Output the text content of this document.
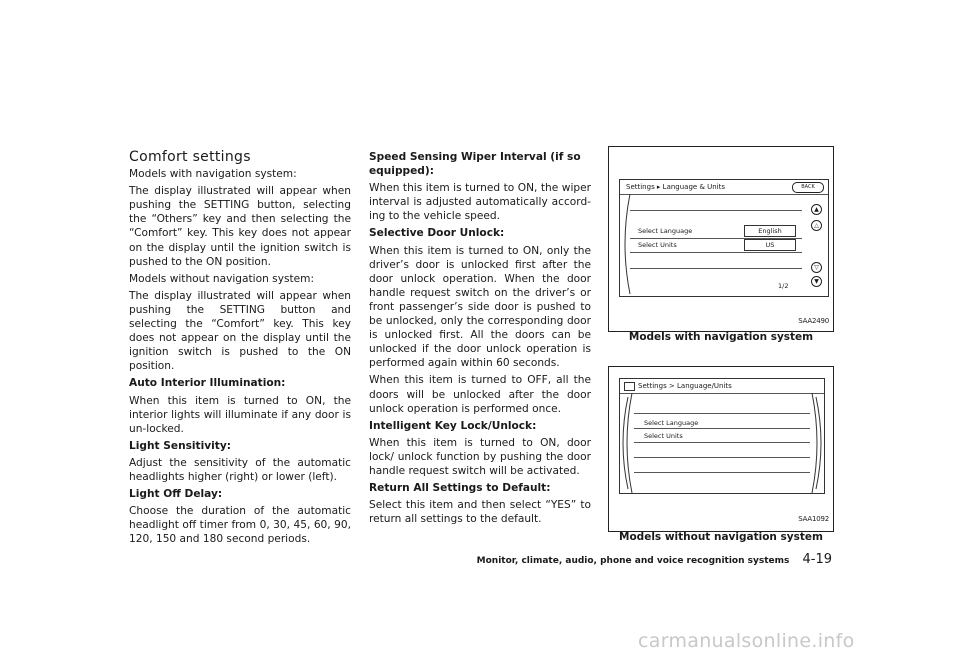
Comfort settings

Models with navigation system:

The display illustrated will appear when pushing the SETTING button, selecting the “Others” key and then selecting the “Comfort” key. This key does not appear on the display until the ignition switch is pushed to the ON position.

Models without navigation system:

The display illustrated will appear when pushing the SETTING button and selecting the “Comfort” key. This key does not appear on the display until the ignition switch is pushed to the ON position.

Auto Interior Illumination:

When this item is turned to ON, the interior lights will illuminate if any door is un-locked.

Light Sensitivity:

Adjust the sensitivity of the automatic headlights higher (right) or lower (left).

Light Off Delay:

Choose the duration of the automatic headlight off timer from 0, 30, 45, 60, 90, 120, 150 and 180 second periods.

Speed Sensing Wiper Interval (if so equipped):

When this item is turned to ON, the wiper interval is adjusted automatically accord-ing to the vehicle speed.

Selective Door Unlock:

When this item is turned to ON, only the driver’s door is unlocked first after the door unlock operation. When the door handle request switch on the driver’s or front passenger’s side door is pushed to be unlocked, only the corresponding door is unlocked first. All the doors can be unlocked if the door unlock operation is performed again within 60 seconds.

When this item is turned to OFF, all the doors will be unlocked after the door unlock operation is performed once.

Intelligent Key Lock/Unlock:

When this item is turned to ON, door lock/ unlock function by pushing the door handle request switch will be activated.

Return All Settings to Default:

Select this item and then select “YES” to return all settings to the default.

Settings ▸ Language & Units	BACK
Select Language	English
Select Units	US
1/2
▲
△
▽
▼
SAA2490
Models with navigation system
Settings > Language/Units
Select Language
Select Units
SAA1092
Models without navigation system
Monitor, climate, audio, phone and voice recognition systems 4-19
carmanualsonline.info
